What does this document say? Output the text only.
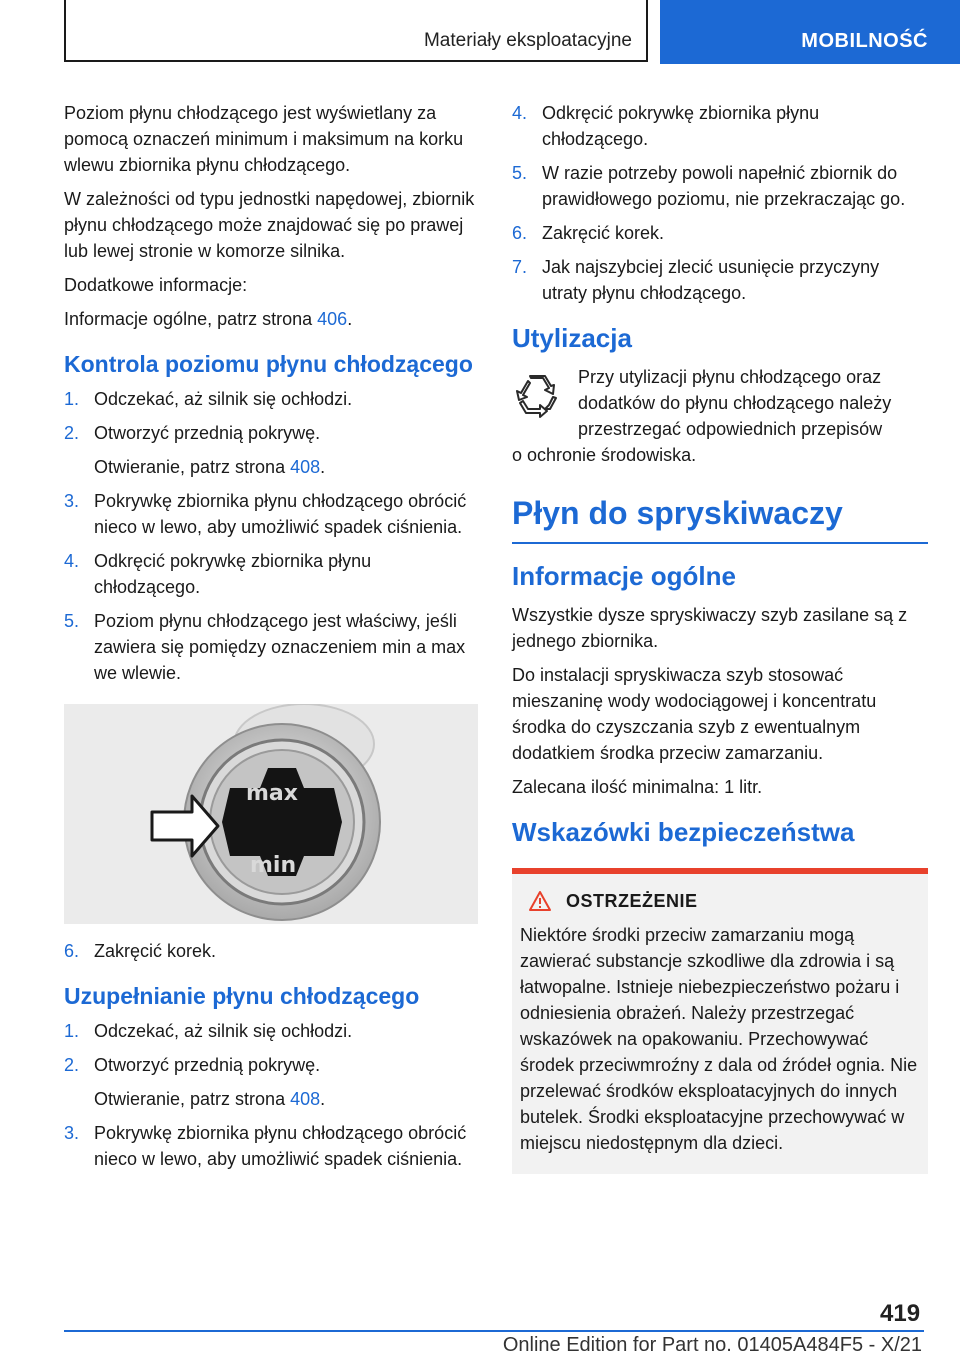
Materiały eksploatacyjne	MOBILNOŚĆ

Poziom płynu chłodzącego jest wyświetlany za pomocą oznaczeń minimum i maksimum na korku wlewu zbiornika płynu chłodzącego.

W zależności od typu jednostki napędowej, zbiornik płynu chłodzącego może znajdować się po prawej lub lewej stronie w komorze silnika.

Dodatkowe informacje:

Informacje ogólne, patrz strona 406.

Kontrola poziomu płynu chłodzącego
1. Odczekać, aż silnik się ochłodzi.
2. Otworzyć przednią pokrywę.
Otwieranie, patrz strona 408.
3. Pokrywkę zbiornika płynu chłodzącego obrócić nieco w lewo, aby umożliwić spadek ciśnienia.
4. Odkręcić pokrywkę zbiornika płynu chłodzącego.
5. Poziom płynu chłodzącego jest właściwy, jeśli zawiera się pomiędzy oznaczeniem min a max we wlewie.
max
min
6. Zakręcić korek.
Uzupełnianie płynu chłodzącego
1. Odczekać, aż silnik się ochłodzi.
2. Otworzyć przednią pokrywę.
Otwieranie, patrz strona 408.
3. Pokrywkę zbiornika płynu chłodzącego obrócić nieco w lewo, aby umożliwić spadek ciśnienia.
4. Odkręcić pokrywkę zbiornika płynu chłodzącego.
5. W razie potrzeby powoli napełnić zbiornik do prawidłowego poziomu, nie przekraczając go.
6. Zakręcić korek.
7. Jak najszybciej zlecić usunięcie przyczyny utraty płynu chłodzącego.
Utylizacja
Przy utylizacji płynu chłodzącego oraz dodatków do płynu chłodzącego należy przestrzegać odpowiednich przepisów
o ochronie środowiska.
Płyn do spryskiwaczy
Informacje ogólne

Wszystkie dysze spryskiwaczy szyb zasilane są z jednego zbiornika.

Do instalacji spryskiwacza szyb stosować mieszaninę wody wodociągowej i koncentratu środka do czyszczania szyb z ewentualnym dodatkiem środka przeciw zamarzaniu.

Zalecana ilość minimalna: 1 litr.

Wskazówki bezpieczeństwa
OSTRZEŻENIE
Niektóre środki przeciw zamarzaniu mogą zawierać substancje szkodliwe dla zdrowia i są łatwopalne. Istnieje niebezpieczeństwo pożaru i odniesienia obrażeń. Należy przestrzegać wskazówek na opakowaniu. Przechowywać środek przeciwmroźny z dala od źródeł ognia. Nie przelewać środków eksploatacyjnych do innych butelek. Środki eksploatacyjne przechowywać w miejscu niedostępnym dla dzieci.
419
Online Edition for Part no. 01405A484F5 - X/21
